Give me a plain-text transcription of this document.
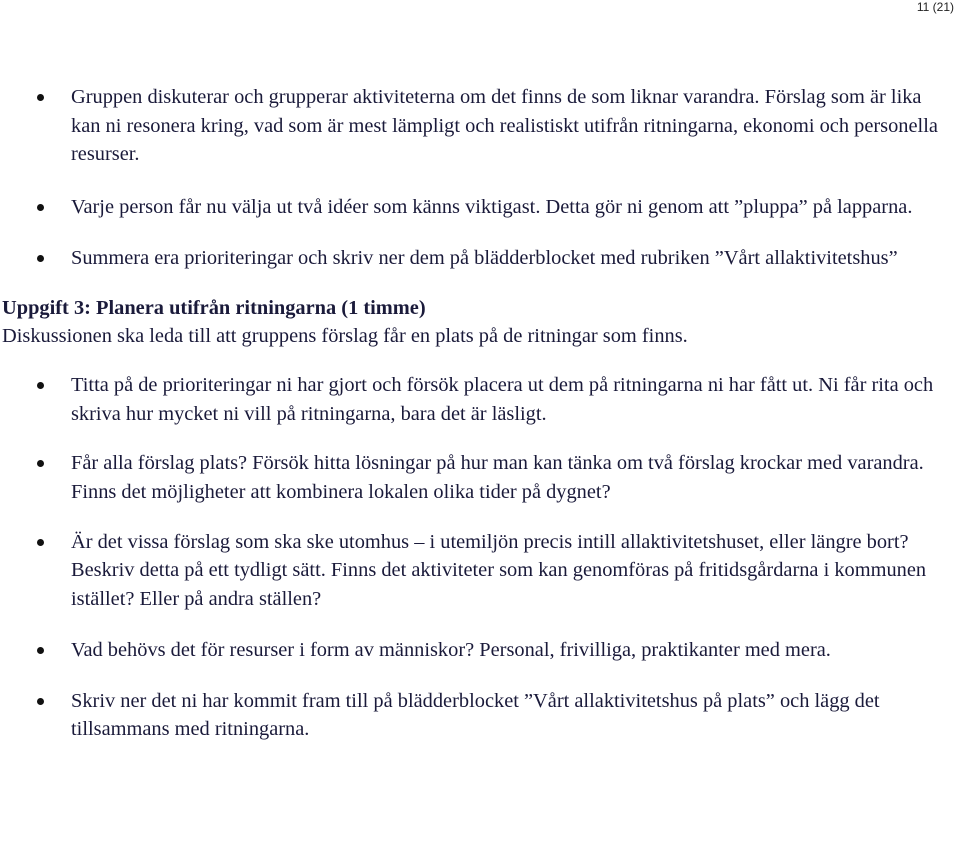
11 (21)

Gruppen diskuterar och grupperar aktiviteterna om det finns de som liknar varandra. Förslag som är lika kan ni resonera kring, vad som är mest lämpligt och realistiskt utifrån ritningarna, ekonomi och personella resurser.

Varje person får nu välja ut två idéer som känns viktigast. Detta gör ni genom att ”pluppa” på lapparna.

Summera era prioriteringar och skriv ner dem på blädderblocket med rubriken ”Vårt allaktivitetshus”

Uppgift 3: Planera utifrån ritningarna (1 timme)

Diskussionen ska leda till att gruppens förslag får en plats på de ritningar som finns.

Titta på de prioriteringar ni har gjort och försök placera ut dem på ritningarna ni har fått ut. Ni får rita och skriva hur mycket ni vill på ritningarna, bara det är läsligt.

Får alla förslag plats? Försök hitta lösningar på hur man kan tänka om två förslag krockar med varandra. Finns det möjligheter att kombinera lokalen olika tider på dygnet?

Är det vissa förslag som ska ske utomhus – i utemiljön precis intill allaktivitetshuset, eller längre bort? Beskriv detta på ett tydligt sätt. Finns det aktiviteter som kan genomföras på fritidsgårdarna i kommunen istället? Eller på andra ställen?

Vad behövs det för resurser i form av människor? Personal, frivilliga, praktikanter med mera.

Skriv ner det ni har kommit fram till på blädderblocket ”Vårt allaktivitetshus på plats” och lägg det tillsammans med ritningarna.
